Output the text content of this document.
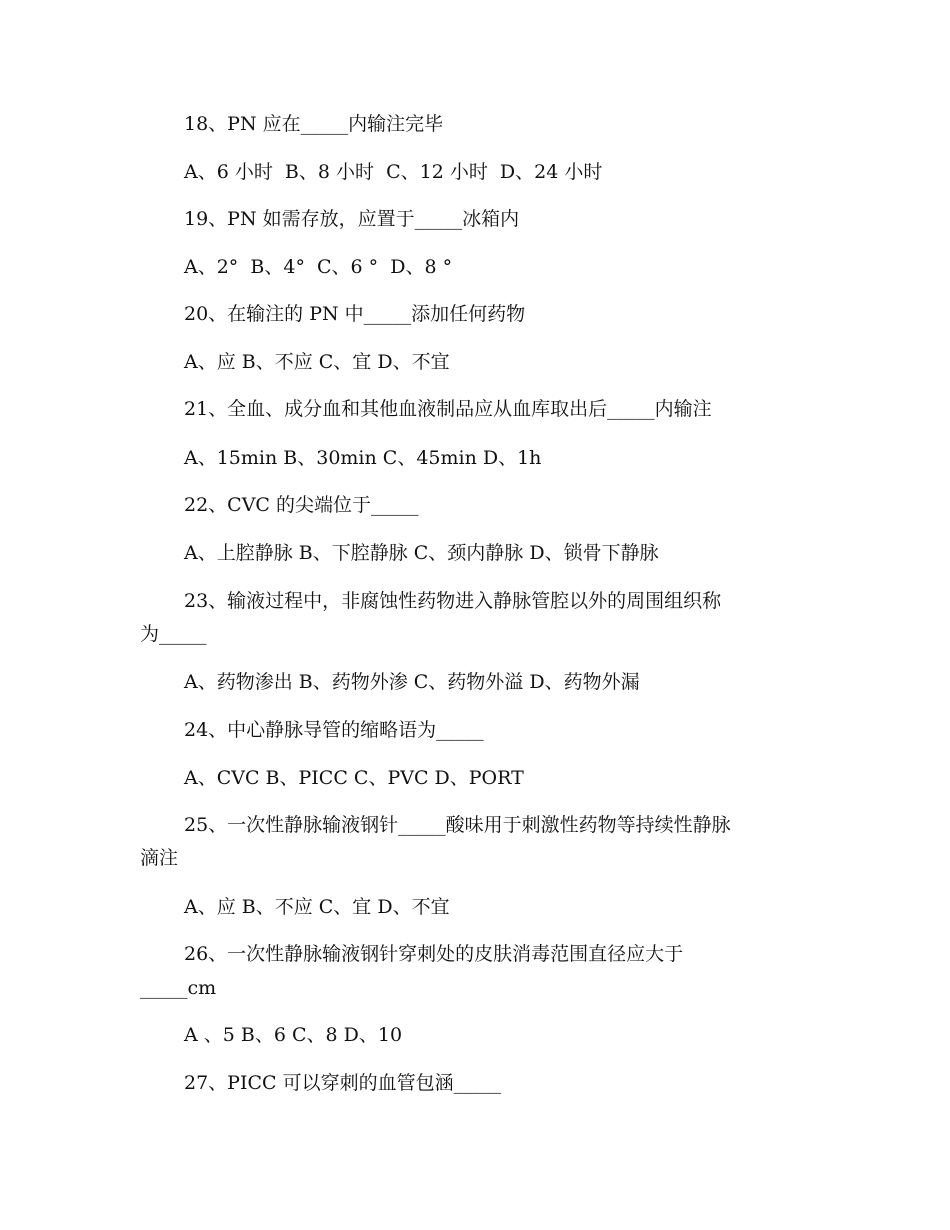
18、PN 应在_____内输注完毕
A、6 小时  B、8 小时  C、12 小时  D、24 小时
19、PN 如需存放，应置于_____冰箱内
A、2°  B、4°  C、6 °  D、8 °
20、在输注的 PN 中_____添加任何药物
A、应 B、不应 C、宜 D、不宜
21、全血、成分血和其他血液制品应从血库取出后_____内输注
A、15min B、30min C、45min D、1h
22、CVC 的尖端位于_____
A、上腔静脉 B、下腔静脉 C、颈内静脉 D、锁骨下静脉
23、输液过程中，非腐蚀性药物进入静脉管腔以外的周围组织称
为_____
A、药物渗出 B、药物外渗 C、药物外溢 D、药物外漏
24、中心静脉导管的缩略语为_____
A、CVC B、PICC C、PVC D、PORT
25、一次性静脉输液钢针_____酸味用于刺激性药物等持续性静脉
滴注
A、应 B、不应 C、宜 D、不宜
26、一次性静脉输液钢针穿刺处的皮肤消毒范围直径应大于
_____cm
A 、5 B、6 C、8 D、10
27、PICC 可以穿刺的血管包涵_____
